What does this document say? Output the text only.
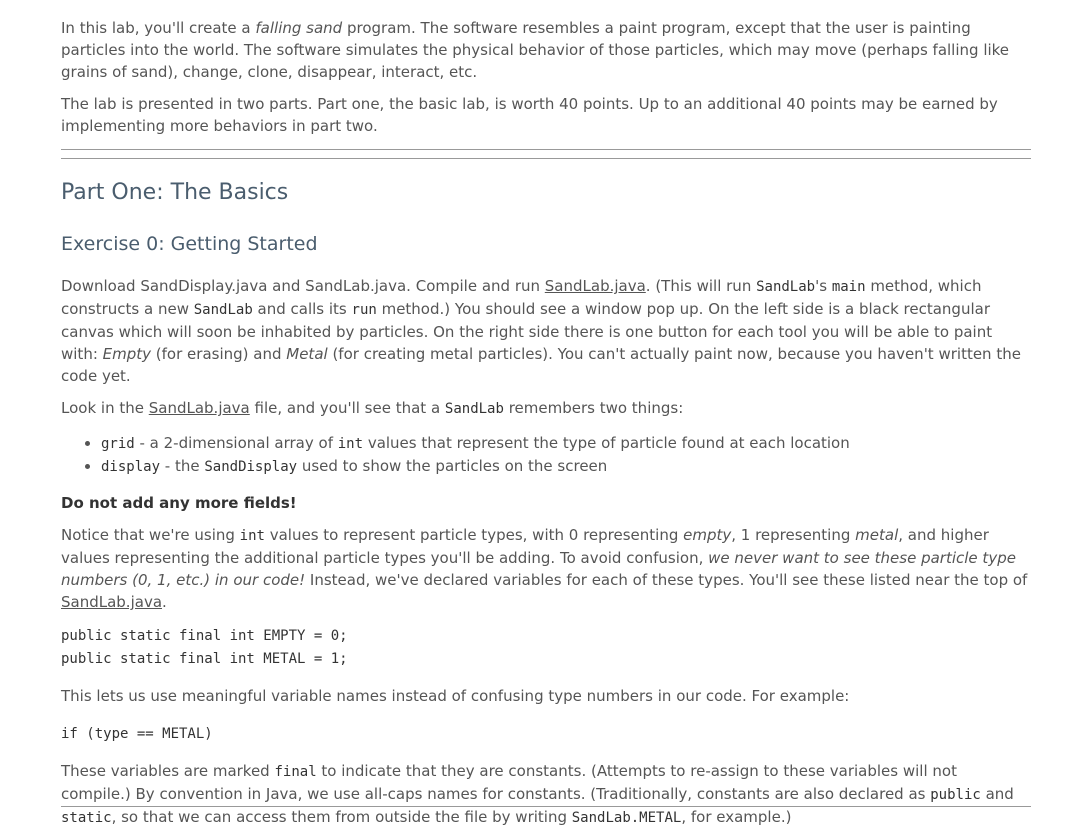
In this lab, you'll create a falling sand program. The software resembles a paint program, except that the user is painting particles into the world. The software simulates the physical behavior of those particles, which may move (perhaps falling like grains of sand), change, clone, disappear, interact, etc.

The lab is presented in two parts. Part one, the basic lab, is worth 40 points. Up to an additional 40 points may be earned by implementing more behaviors in part two.

Part One: The Basics
Exercise 0: Getting Started

Download SandDisplay.java and SandLab.java. Compile and run SandLab.java. (This will run SandLab's main method, which constructs a new SandLab and calls its run method.) You should see a window pop up. On the left side is a black rectangular canvas which will soon be inhabited by particles. On the right side there is one button for each tool you will be able to paint with: Empty (for erasing) and Metal (for creating metal particles). You can't actually paint now, because you haven't written the code yet.

Look in the SandLab.java file, and you'll see that a SandLab remembers two things:

• grid - a 2-dimensional array of int values that represent the type of particle found at each location
• display - the SandDisplay used to show the particles on the screen

Do not add any more fields!

Notice that we're using int values to represent particle types, with 0 representing empty, 1 representing metal, and higher values representing the additional particle types you'll be adding. To avoid confusion, we never want to see these particle type numbers (0, 1, etc.) in our code! Instead, we've declared variables for each of these types. You'll see these listed near the top of SandLab.java.

public static final int EMPTY = 0;
public static final int METAL = 1;

This lets us use meaningful variable names instead of confusing type numbers in our code. For example:

if (type == METAL)

These variables are marked final to indicate that they are constants. (Attempts to re-assign to these variables will not compile.) By convention in Java, we use all-caps names for constants. (Traditionally, constants are also declared as public and static, so that we can access them from outside the file by writing SandLab.METAL, for example.)
